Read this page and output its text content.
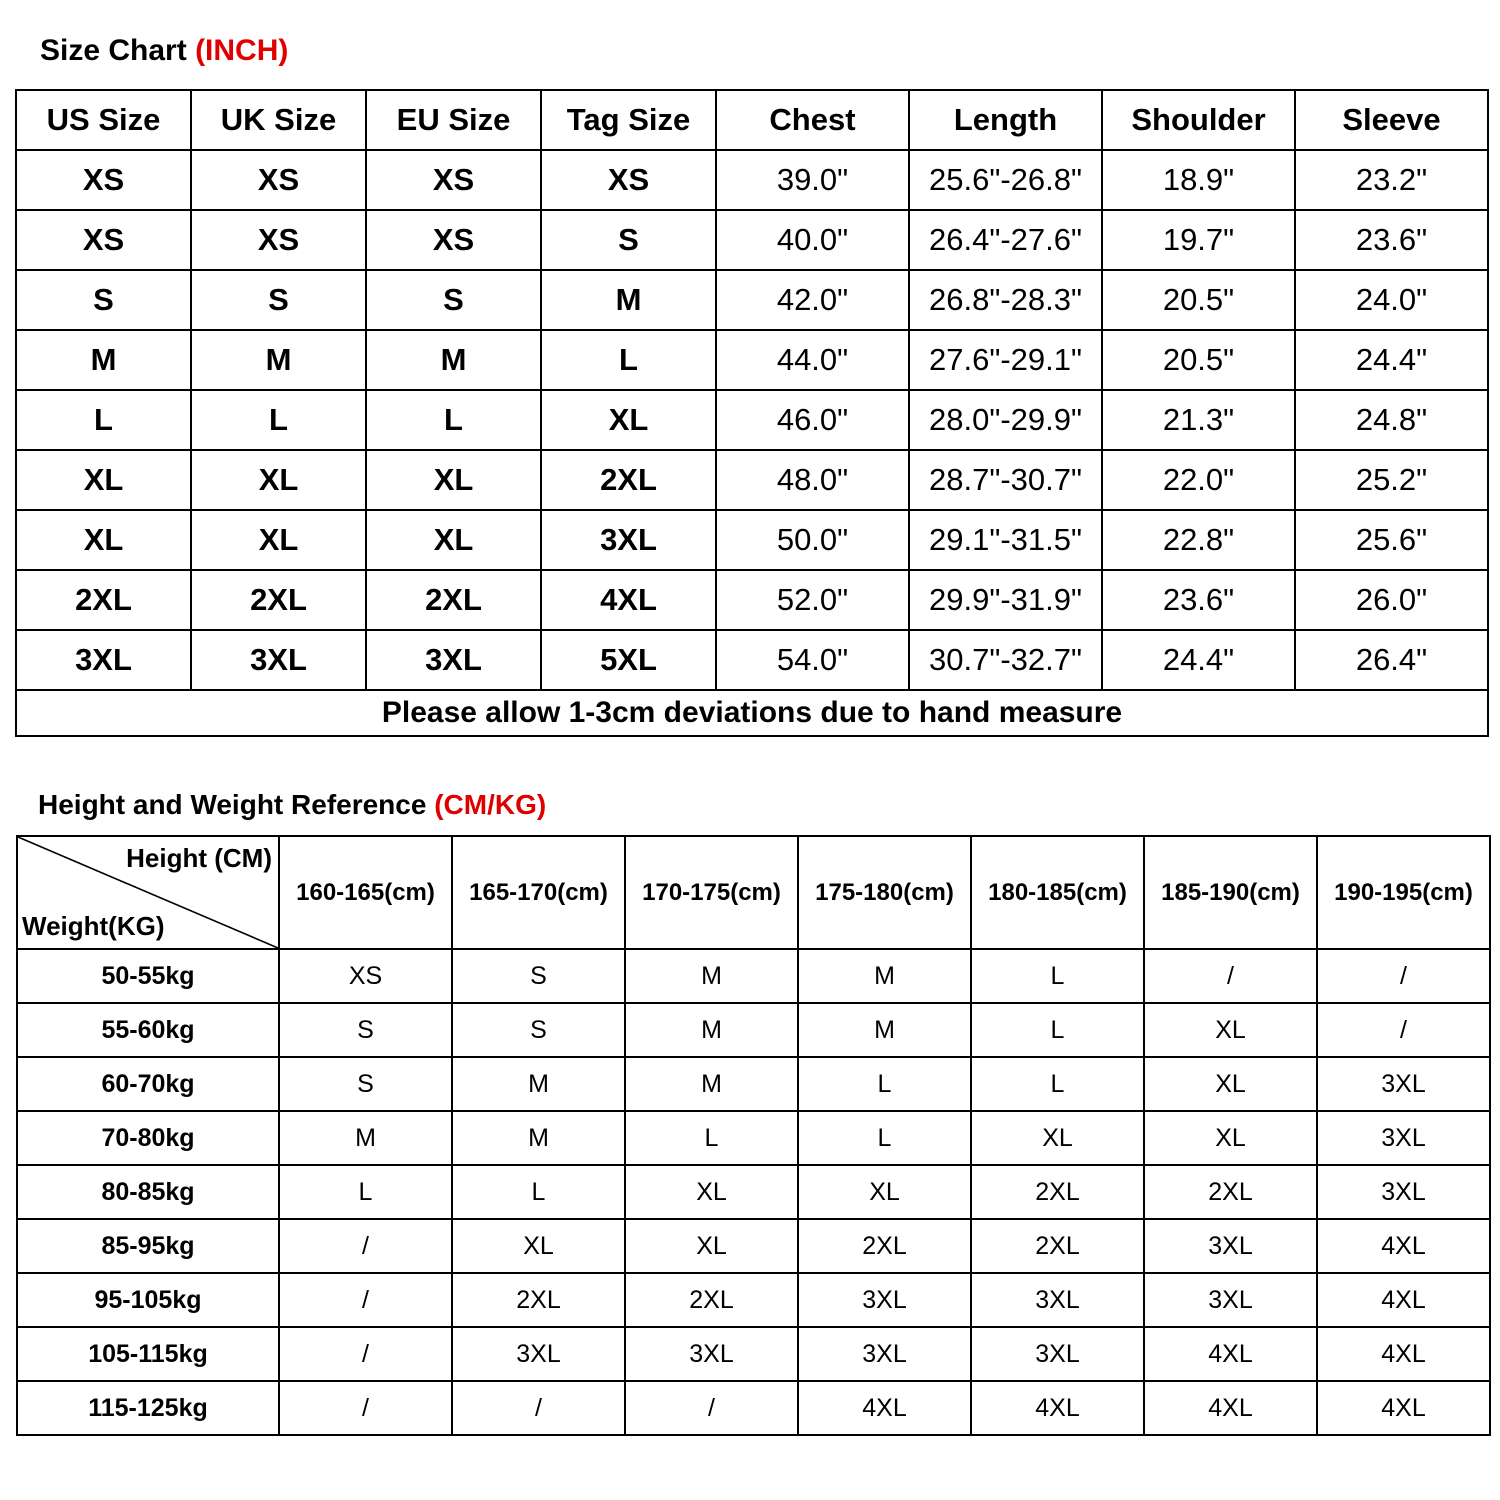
Size Chart (INCH)
US Size	UK Size	EU Size	Tag Size	Chest	Length	Shoulder	Sleeve
XS	XS	XS	XS	39.0"	25.6"-26.8"	18.9"	23.2"
XS	XS	XS	S	40.0"	26.4"-27.6"	19.7"	23.6"
S	S	S	M	42.0"	26.8"-28.3"	20.5"	24.0"
M	M	M	L	44.0"	27.6"-29.1"	20.5"	24.4"
L	L	L	XL	46.0"	28.0"-29.9"	21.3"	24.8"
XL	XL	XL	2XL	48.0"	28.7"-30.7"	22.0"	25.2"
XL	XL	XL	3XL	50.0"	29.1"-31.5"	22.8"	25.6"
2XL	2XL	2XL	4XL	52.0"	29.9"-31.9"	23.6"	26.0"
3XL	3XL	3XL	5XL	54.0"	30.7"-32.7"	24.4"	26.4"
Please allow 1-3cm deviations due to hand measure							
Height and Weight Reference (CM/KG)
Height (CM)
Weight(KG)	160-165(cm)	165-170(cm)	170-175(cm)	175-180(cm)	180-185(cm)	185-190(cm)	190-195(cm)
50-55kg	XS	S	M	M	L	/	/
55-60kg	S	S	M	M	L	XL	/
60-70kg	S	M	M	L	L	XL	3XL
70-80kg	M	M	L	L	XL	XL	3XL
80-85kg	L	L	XL	XL	2XL	2XL	3XL
85-95kg	/	XL	XL	2XL	2XL	3XL	4XL
95-105kg	/	2XL	2XL	3XL	3XL	3XL	4XL
105-115kg	/	3XL	3XL	3XL	3XL	4XL	4XL
115-125kg	/	/	/	4XL	4XL	4XL	4XL
